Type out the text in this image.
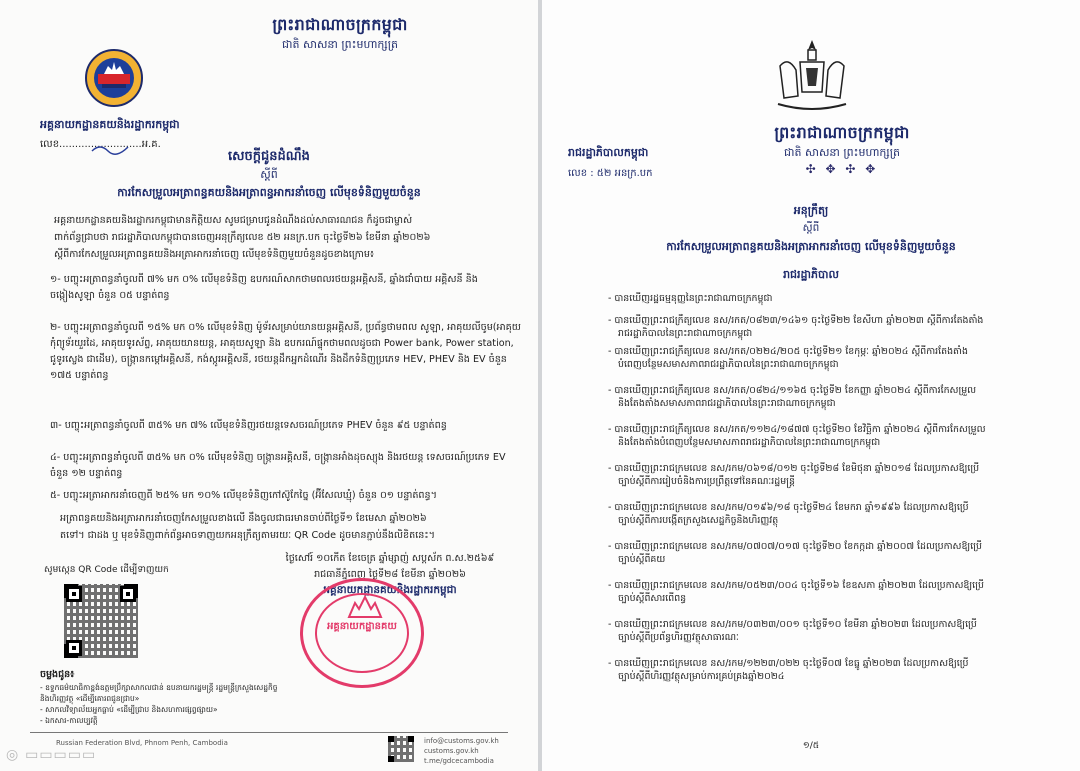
ព្រះរាជាណាចក្រកម្ពុជា
ជាតិ សាសនា ព្រះមហាក្សត្រ
អគ្គនាយកដ្ឋានគយនិងរដ្ឋាករកម្ពុជា
លេខ..........................អ.គ.
សេចក្តីជូនដំណឹង
ស្តីពី
ការកែសម្រួលអត្រាពន្ធគយនិងអត្រាពន្ធអាករនាំចេញ លើមុខទំនិញមួយចំនួន
អគ្គនាយកដ្ឋានគយនិងរដ្ឋាករកម្ពុជាមានកិត្តិយស សូមជម្រាបជូនដំណឹងដល់សាធារណជន ក៏ដូចជាម្ចាស់
ពាក់ព័ន្ធជ្រាបថា រាជរដ្ឋាភិបាលកម្ពុជាបានចេញអនុក្រឹត្យលេខ ៥២ អនក្រ.បក ចុះថ្ងៃទី២៦ ខែមីនា ឆ្នាំ២០២៦
ស្តីពីការកែសម្រួលអត្រាពន្ធគយនិងអត្រាអាករនាំចេញ លើមុខទំនិញមួយចំនួនដូចខាងក្រោម៖
១- បញ្ចុះអត្រាពន្ធនាំចូលពី ៧% មក ០% លើមុខទំនិញ ឧបករណ៍សាកថាមពលរថយន្តអគ្គិសនី, ឆ្នាំងជាំបាយ អគ្គិសនី និងចង្កៀងសូឡា ចំនួន ០៥ បន្ទាត់ពន្ធ
២- បញ្ចុះអត្រាពន្ធនាំចូលពី ១៥% មក ០% លើមុខទំនិញ ម៉ូទ័រសម្រាប់យានយន្តអគ្គិសនី, ប្រព័ន្ធថាមពល សូឡា, អាគុយលីចូម(អាគុយកុំព្យូទ័រយួរដៃ, អាគុយទូរស័ព្ទ, អាគុយយានយន្ត, អាគុយសូឡា និង ឧបករណ៍ផ្ទុកថាមពលដូចជា Power bank, Power station, ជូទូរស្ចេង ជាដើម), ចង្ក្រានកម្តៅអគ្គិសនី, កង់ស្កូរអគ្គិសនី, រថយន្តដឹកអ្នកដំណើរ និងដឹកទំនិញប្រភេទ HEV, PHEV និង EV ចំនួន ១៧៥ បន្ទាត់ពន្ធ
៣- បញ្ចុះអត្រាពន្ធនាំចូលពី ៣៥% មក ៧% លើមុខទំនិញរថយន្តទេសចរណ៍ប្រភេទ PHEV ចំនួន ៩៥ បន្ទាត់ពន្ធ
៤- បញ្ចុះអត្រាពន្ធនាំចូលពី ៣៥% មក ០% លើមុខទំនិញ ចង្ក្រានអគ្គិសនី, ចង្ក្រានអាំងដុចស្យុង និងរថយន្ត ទេសចរណ៍ប្រភេទ EV ចំនួន ១២ បន្ទាត់ពន្ធ
៥- បញ្ចុះអត្រាអាករនាំចេញពី ២៥% មក ១០% លើមុខទំនិញកៅស៊ូកែច្នៃ (អ៊ីសែលឃ្មុំ) ចំនួន ០១ បន្ទាត់ពន្ធ។
អត្រាពន្ធគយនិងអត្រាអាករនាំចេញកែសម្រួលខាងលើ នឹងចូលជាធរមានចាប់ពីថ្ងៃទី១ ខែមេសា ឆ្នាំ២០២៦
តទៅ។ ជាដង ឬ មុខទំនិញពាក់ព័ន្ធអាចទាញយកអនុក្រឹត្យតាមរយៈ QR Code ដូចមានភ្ជាប់នឹងលិខិតនេះ។
ថ្ងៃសៅរ៍ ១០កើត ខែចេត្រ ឆ្នាំម្សាញ់ សប្តស័ក ព.ស.២៥៦៩
រាជធានីភ្នំពេញ ថ្ងៃទី២៨ ខែមីនា ឆ្នាំ២០២៦
អគ្គនាយកដ្ឋានគយនិងរដ្ឋាករកម្ពុជា
សូមស្កេន QR Code ដើម្បីទាញយក
អគ្គនាយកដ្ឋានគយ
ចម្លងជូន៖
- ឧទ្ទកធម៌យាធិកាខ្ពង់ឧត្តមប្រឹក្សាសាកលជាន់ ឧបនាយករដ្ឋមន្រ្តី រដ្ឋមន្រ្តីក្រសួងសេដ្ឋកិច្ចនិងហិរញ្ញវត្ថុ «ដើម្បីគោរពជូនជ្រាប»
- សាកលវិទ្យាល័យអ្នកធ្លាប់ «ដើម្បីជ្រាប និងសហការផ្សព្វផ្សាយ»
- ឯកសារ-កាលប្បវត្តិ
Russian Federation Blvd, Phnom Penh, Cambodia	info@customs.gov.kh
customs.gov.kh
t.me/gdcecambodia
◎ ▭▭▭▭▭
ព្រះរាជាណាចក្រកម្ពុជា
ជាតិ សាសនា ព្រះមហាក្សត្រ
✣ ✥ ✣ ✥
រាជរដ្ឋាភិបាលកម្ពុជា
លេខ : ៥២ អនក្រ.បក
អនុក្រឹត្យ
ស្តីពី
ការកែសម្រួលអត្រាពន្ធគយនិងអត្រាអាករនាំចេញ លើមុខទំនិញមួយចំនួន
រាជរដ្ឋាភិបាល
- បានឃើញរដ្ឋធម្មនុញ្ញនៃព្រះរាជាណាចក្រកម្ពុជា
- បានឃើញព្រះរាជក្រឹត្យលេខ នស/រកត/០៨២៣/១៤៦១ ចុះថ្ងៃទី២២ ខែសីហា ឆ្នាំ២០២៣ ស្តីពីការតែងតាំង
រាជរដ្ឋាភិបាលនៃព្រះរាជាណាចក្រកម្ពុជា
- បានឃើញព្រះរាជក្រឹត្យលេខ នស/រកត/០២២៤/២០៥ ចុះថ្ងៃទី២១ ខែកុម្ភៈ ឆ្នាំ២០២៤ ស្តីពីការតែងតាំង
បំពេញបន្ថែមសមាសភាពរាជរដ្ឋាភិបាលនៃព្រះរាជាណាចក្រកម្ពុជា
- បានឃើញព្រះរាជក្រឹត្យលេខ នស/រកត/០៨២៤/១១៦៥ ចុះថ្ងៃទី២ ខែកញ្ញា ឆ្នាំ២០២៤ ស្តីពីការកែសម្រួល
និងតែងតាំងសមាសភាពរាជរដ្ឋាភិបាលនៃព្រះរាជាណាចក្រកម្ពុជា
- បានឃើញព្រះរាជក្រឹត្យលេខ នស/រកត/១១២៤/១៨៧៧ ចុះថ្ងៃទី២០ ខែវិច្ឆិកា ឆ្នាំ២០២៤ ស្តីពីការកែសម្រួល
និងតែងតាំងបំពេញបន្ថែមសមាសភាពរាជរដ្ឋាភិបាលនៃព្រះរាជាណាចក្រកម្ពុជា
- បានឃើញព្រះរាជក្រមលេខ នស/រកម/០៦១៨/០១២ ចុះថ្ងៃទី២៨ ខែមិថុនា ឆ្នាំ២០១៨ ដែលប្រកាសឱ្យប្រើ
ច្បាប់ស្តីពីការរៀបចំនិងការប្រព្រឹត្តទៅនៃគណៈរដ្ឋមន្រ្តី
- បានឃើញព្រះរាជក្រមលេខ នស/រកម/០១៩៦/១៨ ចុះថ្ងៃទី២៤ ខែមករា ឆ្នាំ១៩៩៦ ដែលប្រកាសឱ្យប្រើ
ច្បាប់ស្តីពីការបង្កើតក្រសួងសេដ្ឋកិច្ចនិងហិរញ្ញវត្ថុ
- បានឃើញព្រះរាជក្រមលេខ នស/រកម/០៧០៧/០១៧ ចុះថ្ងៃទី២០ ខែកក្កដា ឆ្នាំ២០០៧ ដែលប្រកាសឱ្យប្រើ
ច្បាប់ស្តីពីគយ
- បានឃើញព្រះរាជក្រមលេខ នស/រកម/០៥២៣/០០៤ ចុះថ្ងៃទី១៦ ខែឧសភា ឆ្នាំ២០២៣ ដែលប្រកាសឱ្យប្រើ
ច្បាប់ស្តីពីសារពើពន្ធ
- បានឃើញព្រះរាជក្រមលេខ នស/រកម/០៣២៣/០០១ ចុះថ្ងៃទី១០ ខែមីនា ឆ្នាំ២០២៣ ដែលប្រកាសឱ្យប្រើ
ច្បាប់ស្តីពីប្រព័ន្ធហិរញ្ញវត្ថុសាធារណៈ
- បានឃើញព្រះរាជក្រមលេខ នស/រកម/១២២៣/០២២ ចុះថ្ងៃទី០៧ ខែធ្នូ ឆ្នាំ២០២៣ ដែលប្រកាសឱ្យប្រើ
ច្បាប់ស្តីពីហិរញ្ញវត្ថុសម្រាប់ការគ្រប់គ្រងឆ្នាំ២០២៤
១/៥
